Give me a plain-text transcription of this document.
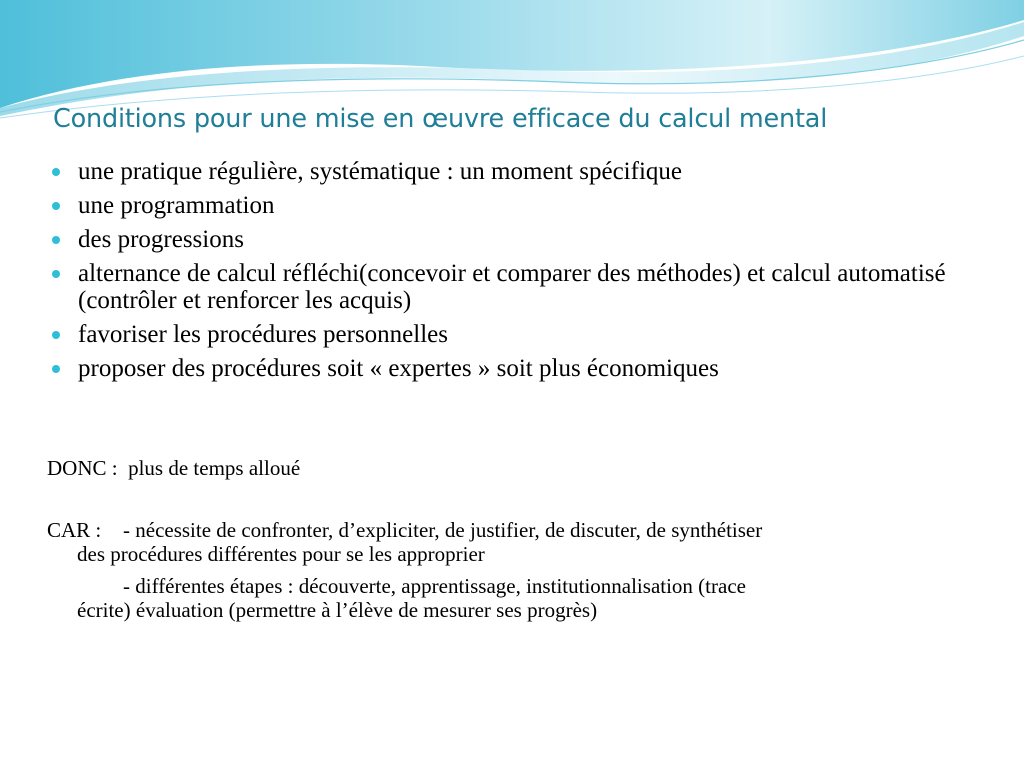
Conditions pour une mise en œuvre efficace du calcul mental
une pratique régulière, systématique : un moment spécifique
une programmation
des progressions
alternance de calcul réfléchi(concevoir et comparer des méthodes) et calcul automatisé (contrôler et renforcer les acquis)
favoriser les procédures personnelles
proposer des procédures soit « expertes » soit plus économiques
DONC : plus de temps alloué
CAR : - nécessite de confronter, d’expliciter, de justifier, de discuter, de synthétiser
des procédures différentes pour se les approprier
- différentes étapes : découverte, apprentissage, institutionnalisation (trace
écrite) évaluation (permettre à l’élève de mesurer ses progrès)
